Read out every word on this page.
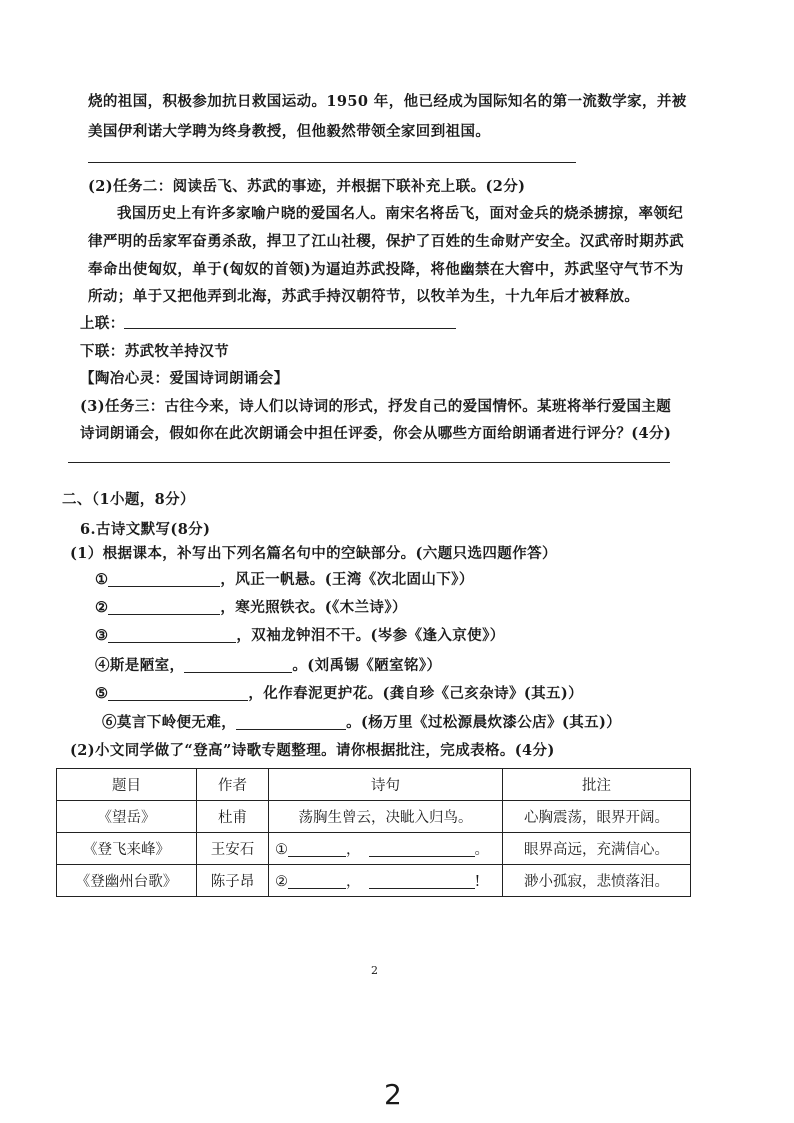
烧的祖国，积极参加抗日救国运动。1950 年，他已经成为国际知名的第一流数学家，并被
美国伊利诺大学聘为终身教授，但他毅然带领全家回到祖国。
(2)任务二：阅读岳飞、苏武的事迹，并根据下联补充上联。(2分)
我国历史上有许多家喻户晓的爱国名人。南宋名将岳飞，面对金兵的烧杀掳掠，率领纪
律严明的岳家军奋勇杀敌，捍卫了江山社稷，保护了百姓的生命财产安全。汉武帝时期苏武
奉命出使匈奴，单于(匈奴的首领)为逼迫苏武投降，将他幽禁在大窖中，苏武坚守气节不为
所动；单于又把他弄到北海，苏武手持汉朝符节，以牧羊为生，十九年后才被释放。
上联：
下联：苏武牧羊持汉节
【陶冶心灵：爱国诗词朗诵会】
(3)任务三：古往今来，诗人们以诗词的形式，抒发自己的爱国情怀。某班将举行爱国主题
诗词朗诵会，假如你在此次朗诵会中担任评委，你会从哪些方面给朗诵者进行评分？(4分)
二、（1小题，8分）
6.古诗文默写(8分)
(1）根据课本，补写出下列名篇名句中的空缺部分。(六题只选四题作答）
①	，风正一帆悬。(王湾《次北固山下》）
②	，寒光照铁衣。(《木兰诗》）
③	，双袖龙钟泪不干。(岑参《逢入京使》）
④斯是陋室，	。(刘禹锡《陋室铭》）
⑤	，化作春泥更护花。(龚自珍《己亥杂诗》(其五)）
⑥莫言下岭便无难，	。(杨万里《过松源晨炊漆公店》(其五)）
(2)小文同学做了“登高”诗歌专题整理。请你根据批注，完成表格。(4分)
题目	作者	诗句	批注
《望岳》	杜甫	荡胸生曾云，决眦入归鸟。	心胸震荡，眼界开阔。
《登飞来峰》	王安石	① ， 。	眼界高远，充满信心。
《登幽州台歌》	陈子昂	② ， !	渺小孤寂，悲愤落泪。
2
2
